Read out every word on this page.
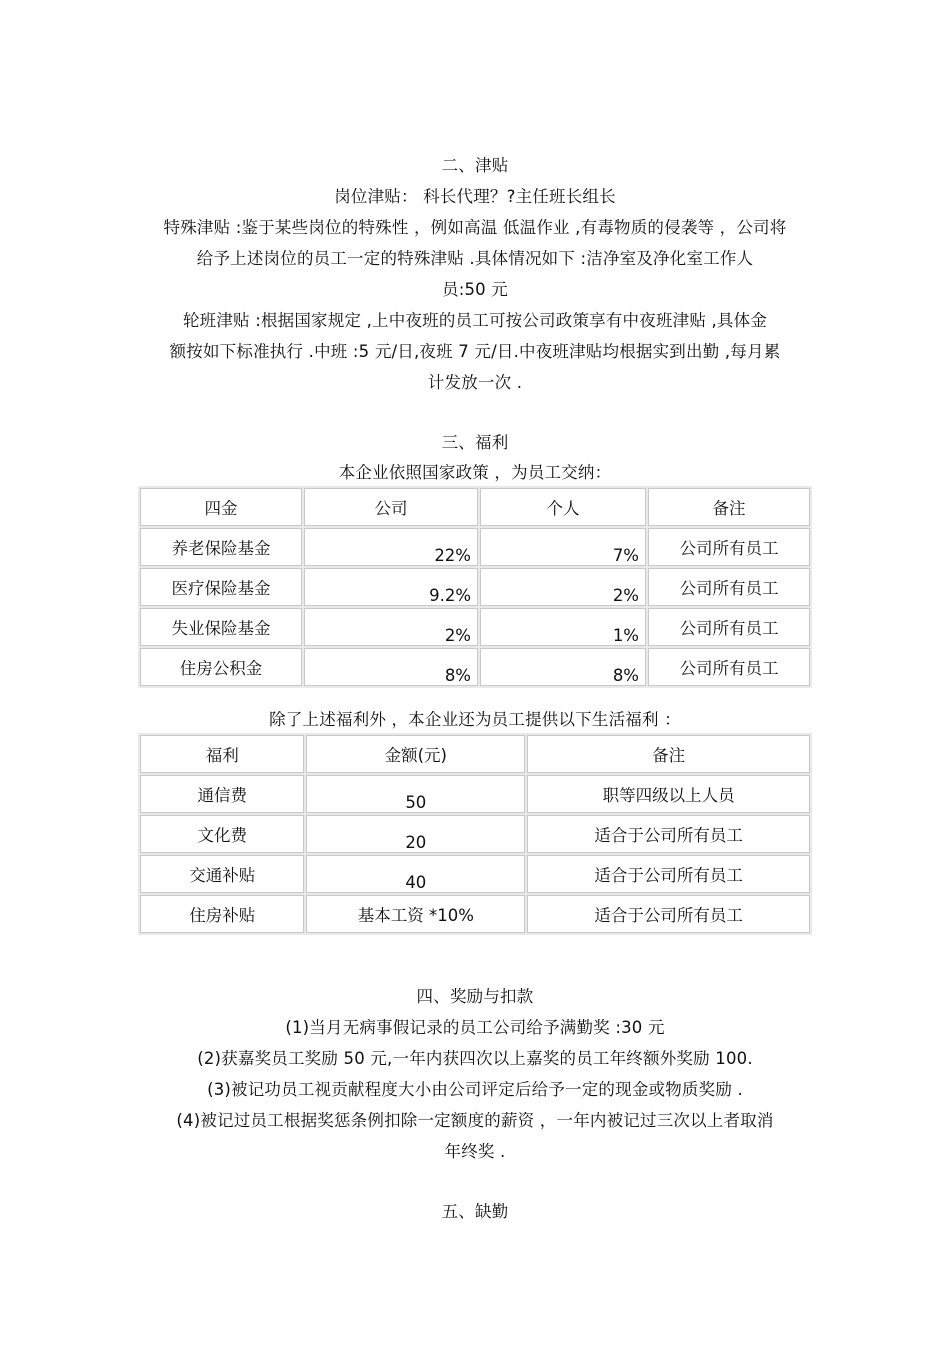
二、津贴
岗位津贴： 科长代理？?主任班长组长
特殊津贴 :鉴于某些岗位的特殊性 ，例如高温 低温作业 ,有毒物质的侵袭等 ，公司将
给予上述岗位的员工一定的特殊津贴 .具体情况如下 :洁净室及净化室工作人
员:50 元
轮班津贴 :根据国家规定 ,上中夜班的员工可按公司政策享有中夜班津贴 ,具体金
额按如下标准执行 .中班 :5 元/日,夜班 7 元/日.中夜班津贴均根据实到出勤 ,每月累
计发放一次 .
三、福利
本企业依照国家政策 ，为员工交纳：
四金	公司	个人	备注
养老保险基金	22%	7%	公司所有员工
医疗保险基金	9.2%	2%	公司所有员工
失业保险基金	2%	1%	公司所有员工
住房公积金	8%	8%	公司所有员工
除了上述福利外 ，本企业还为员工提供以下生活福利 ：
福利	金额(元)	备注
通信费	50	职等四级以上人员
文化费	20	适合于公司所有员工
交通补贴	40	适合于公司所有员工
住房补贴	基本工资 *10%	适合于公司所有员工
四、奖励与扣款
(1)当月无病事假记录的员工公司给予满勤奖 :30 元
(2)获嘉奖员工奖励 50 元,一年内获四次以上嘉奖的员工年终额外奖励 100.
(3)被记功员工视贡献程度大小由公司评定后给予一定的现金或物质奖励 .
(4)被记过员工根据奖惩条例扣除一定额度的薪资 ，一年内被记过三次以上者取消
年终奖 .
五、缺勤
